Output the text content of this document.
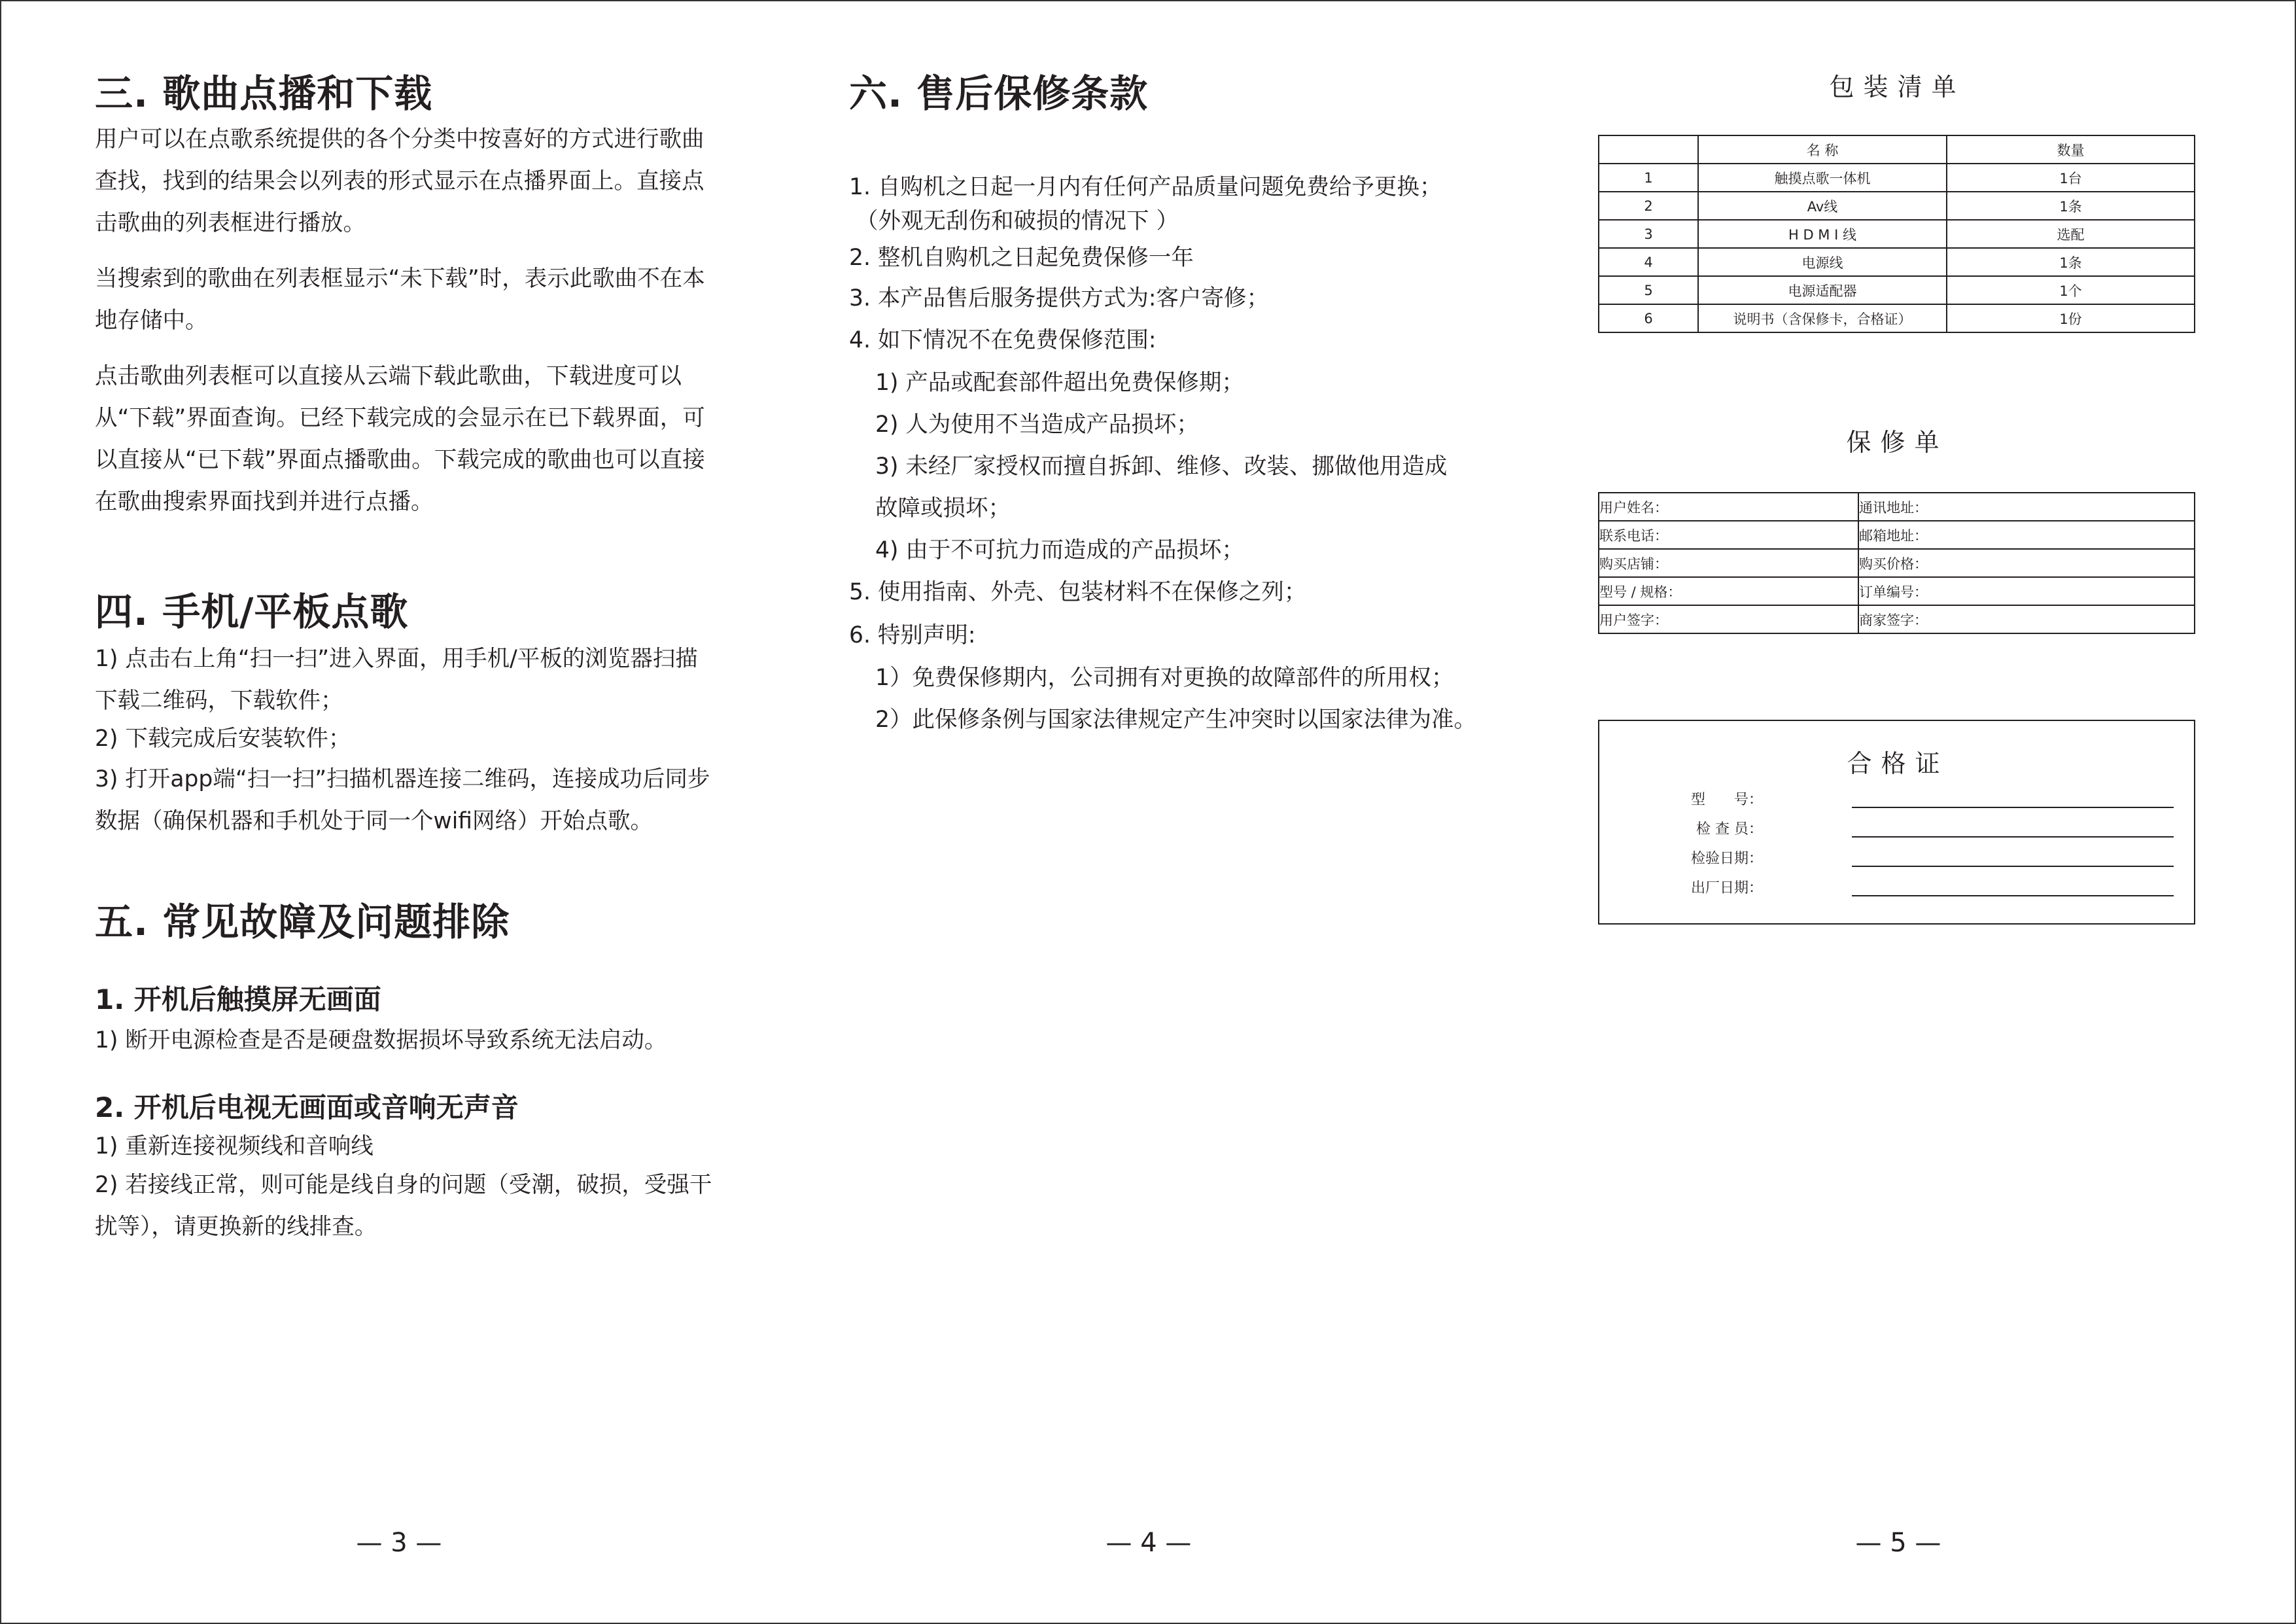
三. 歌曲点播和下载

用户可以在点歌系统提供的各个分类中按喜好的方式进行歌曲查找，找到的结果会以列表的形式显示在点播界面上。直接点击歌曲的列表框进行播放。

当搜索到的歌曲在列表框显示“未下载”时，表示此歌曲不在本地存储中。

点击歌曲列表框可以直接从云端下载此歌曲，下载进度可以从“下载”界面查询。已经下载完成的会显示在已下载界面，可以直接从“已下载”界面点播歌曲。下载完成的歌曲也可以直接在歌曲搜索界面找到并进行点播。

四. 手机/平板点歌

1) 点击右上角“扫一扫”进入界面，用手机/平板的浏览器扫描下载二维码，下载软件；

2) 下载完成后安装软件；

3) 打开app端“扫一扫”扫描机器连接二维码，连接成功后同步数据（确保机器和手机处于同一个wifi网络）开始点歌。

五. 常见故障及问题排除
1. 开机后触摸屏无画面

1) 断开电源检查是否是硬盘数据损坏导致系统无法启动。

2. 开机后电视无画面或音响无声音

1) 重新连接视频线和音响线

2) 若接线正常，则可能是线自身的问题（受潮，破损，受强干扰等），请更换新的线排查。

— 3 —
六. 售后保修条款

1. 自购机之日起一月内有任何产品质量问题免费给予更换；

（外观无刮伤和破损的情况下 ）

2. 整机自购机之日起免费保修一年

3. 本产品售后服务提供方式为:客户寄修；

4. 如下情况不在免费保修范围:

1) 产品或配套部件超出免费保修期；

2) 人为使用不当造成产品损坏；

3) 未经厂家授权而擅自拆卸、维修、改装、挪做他用造成

故障或损坏；

4) 由于不可抗力而造成的产品损坏；

5. 使用指南、外壳、包装材料不在保修之列；

6. 特别声明:

1）免费保修期内，公司拥有对更换的故障部件的所用权；

2）此保修条例与国家法律规定产生冲突时以国家法律为准。

— 4 —
包装清单
	名 称	数量
1	触摸点歌一体机	1台
2	Av线	1条
3	H D M I 线	选配
4	电源线	1条
5	电源适配器	1个
6	说明书（含保修卡，合格证）	1份
保修单
用户姓名：	通讯地址：
联系电话：	邮箱地址：
购买店铺：	购买价格：
型号 / 规格：	订单编号：
用户签字：	商家签字：
合格证
型　　号：
检 查 员：
检验日期：
出厂日期：
— 5 —
